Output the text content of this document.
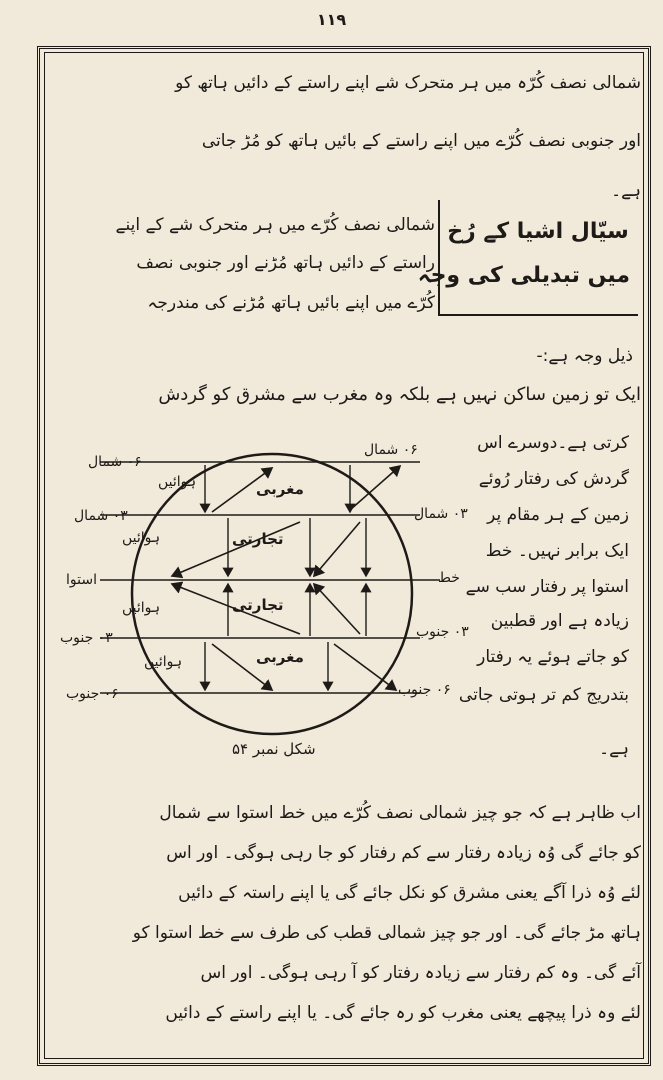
۱۱۹
شمالی نصف کُرّہ میں ہر متحرک شے اپنے راستے کے دائیں ہاتھ کو
اور جنوبی نصف کُرّے میں اپنے راستے کے بائیں ہاتھ کو مُڑ جاتی
ہے۔
سیّال اشیا کے رُخ
میں تبدیلی کی وجہ
شمالی نصف کُرّے میں ہر متحرک شے کے اپنے
راستے کے دائیں ہاتھ مُڑنے اور جنوبی نصف
کُرّے میں اپنے بائیں ہاتھ مُڑنے کی مندرجہ
ذیل وجہ ہے:-
ایک تو زمین ساکن نہیں ہے بلکہ وہ مغرب سے مشرق کو گردش
کرتی ہے۔دوسرے اس
گردش کی رفتار رُوئے
زمین کے ہر مقام پر
ایک برابر نہیں۔ خط
استوا پر رفتار سب سے
زیادہ ہے اور قطبین
کو جاتے ہوئے یہ رفتار
بتدریج کم تر ہوتی جاتی
ہے۔
۰۶ شمال
۰۳ شمال
استوا
۰۳ جنوب
۰۶ جنوب
۰۶ شمال
۰۳ شمال
خط
۰۳ جنوب
۰۶ جنوب
مغربی
تجارتی
تجارتی
مغربی
ہوائیں
ہوائیں
ہوائیں
ہوائیں
شکل نمبر ۵۴
اب ظاہر ہے کہ جو چیز شمالی نصف کُرّے میں خط استوا سے شمال
کو جائے گی وُہ زیادہ رفتار سے کم رفتار کو جا رہی ہوگی۔ اور اس
لئے وُہ ذرا آگے یعنی مشرق کو نکل جائے گی یا اپنے راستہ کے دائیں
ہاتھ مڑ جائے گی۔ اور جو چیز شمالی قطب کی طرف سے خط استوا کو
آئے گی۔ وہ کم رفتار سے زیادہ رفتار کو آ رہی ہوگی۔ اور اس
لئے وہ ذرا پیچھے یعنی مغرب کو رہ جائے گی۔ یا اپنے راستے کے دائیں
